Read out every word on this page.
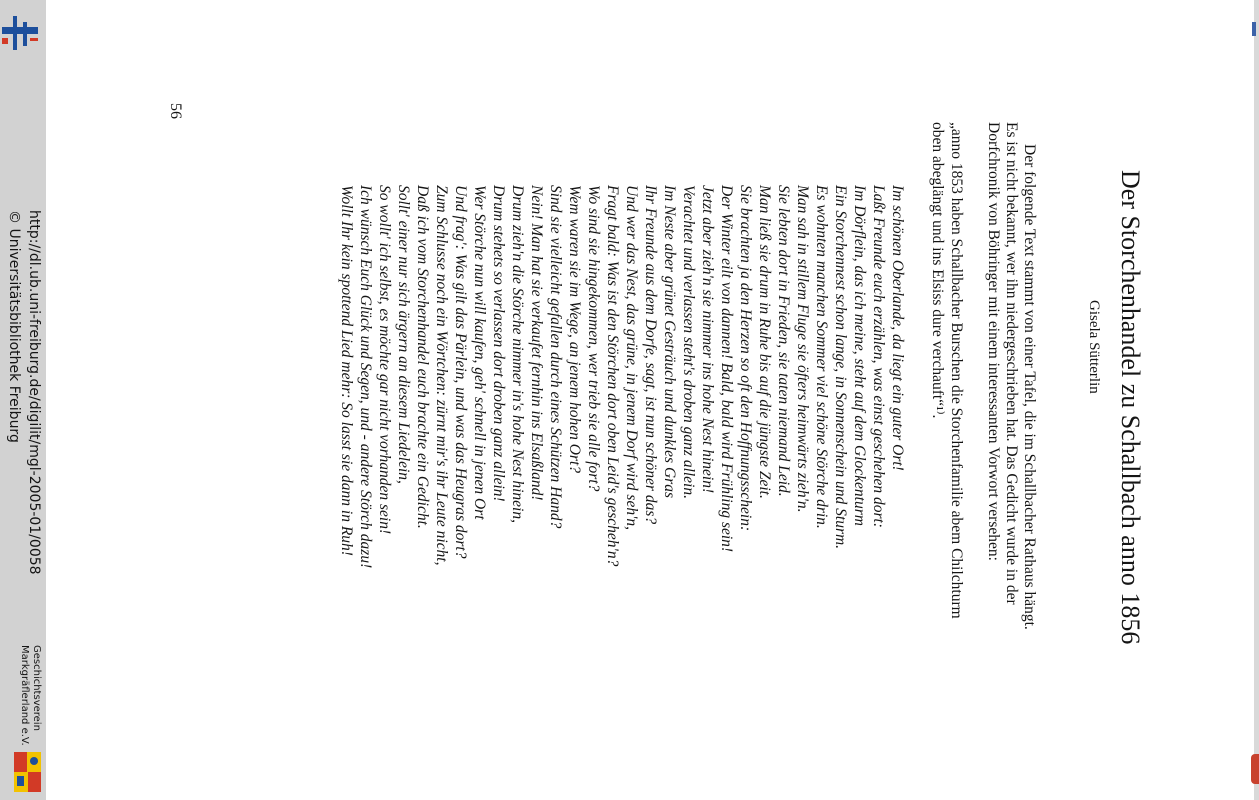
Der Storchenhandel zu Schallbach anno 1856
Gisela Sütterlin
Der folgende Text stammt von einer Tafel, die im Schallbacher Rathaus hängt.
Es ist nicht bekannt, wer ihn niedergeschrieben hat. Das Gedicht wurde in der
Dorfchronik von Böhringer mit einem interessanten Vorwort versehen:
„anno 1853 haben Schallbacher Burschen die Storchenfamilie abem Chilchturm
oben abeglängt und ins Elsiss dure verchauft“¹⁾.
Im schönen Oberlande, da liegt ein guter Ort!
Laßt Freunde euch erzählen, was einst geschehen dort:
Im Dörflein, das ich meine, steht auf dem Glockenturm
Ein Storchennest schon lange, in Sonnenschein und Sturm.
Es wohnten manchen Sommer viel schöne Störche drin.
Man sah in stillem Fluge sie öfters heimwärts zieh'n.
Sie lebten dort in Frieden, sie taten niemand Leid.
Man ließ sie drum in Ruhe bis auf die jüngste Zeit.
Sie brachten ja den Herzen so oft den Hoffnungsschein:
Der Winter eilt von dannen! Bald, bald wird Frühling sein!
Jetzt aber zieh'n sie nimmer ins hohe Nest hinein!
Verachtet und verlassen steht's droben ganz allein.
Im Neste aber grünet Gesträuch und dunkles Gras
Ihr Freunde aus dem Dorfe, sagt, ist nun schöner das?
Und wer das Nest, das grüne, in jenem Dorf wird seh'n,
Fragt bald: Was ist den Störchen dort oben Leid's gescheh'n?
Wo sind sie hingekommen, wer trieb sie alle fort?
Wem waren sie im Wege, an jenem hohen Ort?
Sind sie vielleicht gefallen durch eines Schützen Hand?
Nein! Man hat sie verkaufet fernhin ins Elsaßland!
Drum zieh'n die Störche nimmer in's hohe Nest hinein,
Drum stehets so verlassen dort droben ganz allein!
Wer Störche nun will kaufen, geh' schnell in jenen Ort
Und frag': Was gilt das Pärlein, und was das Heugras dort?
Zum Schlusse noch ein Wörtchen: zürnt mir's ihr Leute nicht,
Daß ich vom Storchenhandel euch brachte ein Gedicht.
Sollt' einer nur sich ärgern an diesem Liedelein,
So wollt' ich selbst, es möchte gar nicht vorhanden sein!
Ich wünsch Euch Glück und Segen, und - andere Störch dazu!
Wollt Ihr kein spottend Lied mehr: So lasst sie dann in Ruh!
56
http://dl.ub.uni-freiburg.de/digilit/mgl-2005-01/0058
© Universitätsbibliothek Freiburg
Geschichtsverein
Markgräflerland e.V.
